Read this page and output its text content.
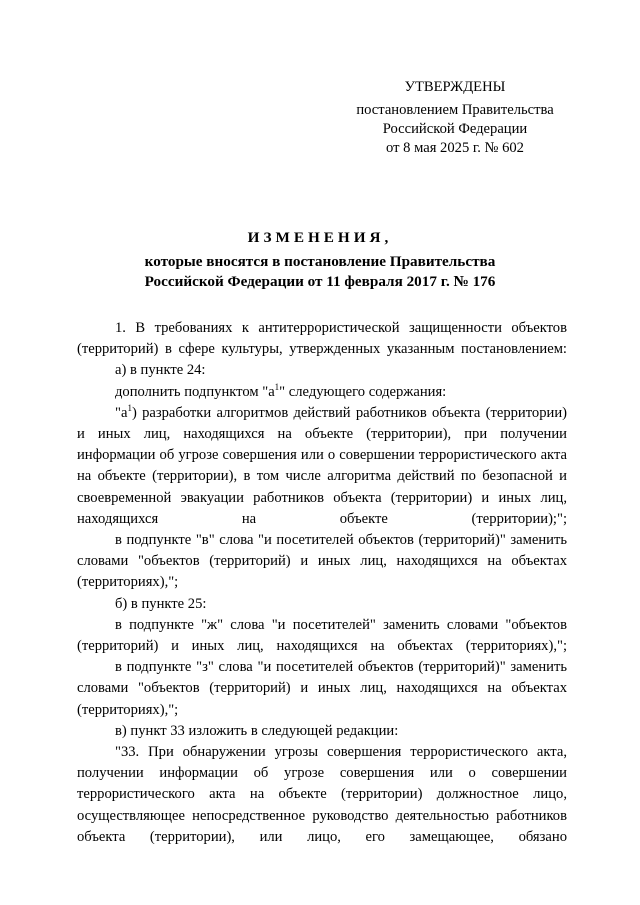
УТВЕРЖДЕНЫ
постановлением Правительства
Российской Федерации
от 8 мая 2025 г. № 602
ИЗМЕНЕНИЯ,
которые вносятся в постановление Правительства
Российской Федерации от 11 февраля 2017 г. № 176

1. В требованиях к антитеррористической защищенности объектов (территорий) в сфере культуры, утвержденных указанным постановлением:

а) в пункте 24:

дополнить подпунктом "$а^1$" следующего содержания:

"$а^1$) разработки алгоритмов действий работников объекта (территории) и иных лиц, находящихся на объекте (территории), при получении информации об угрозе совершения или о совершении террористического акта на объекте (территории), в том числе алгоритма действий по безопасной и своевременной эвакуации работников объекта (территории) и иных лиц, находящихся на объекте (территории);";

в подпункте "в" слова "и посетителей объектов (территорий)" заменить словами "объектов (территорий) и иных лиц, находящихся на объектах (территориях),";

б) в пункте 25:

в подпункте "ж" слова "и посетителей" заменить словами "объектов (территорий) и иных лиц, находящихся на объектах (территориях),";

в подпункте "з" слова "и посетителей объектов (территорий)" заменить словами "объектов (территорий) и иных лиц, находящихся на объектах (территориях),";

в) пункт 33 изложить в следующей редакции:

"33. При обнаружении угрозы совершения террористического акта, получении информации об угрозе совершения или о совершении террористического акта на объекте (территории) должностное лицо, осуществляющее непосредственное руководство деятельностью работников объекта (территории), или лицо, его замещающее, обязано
